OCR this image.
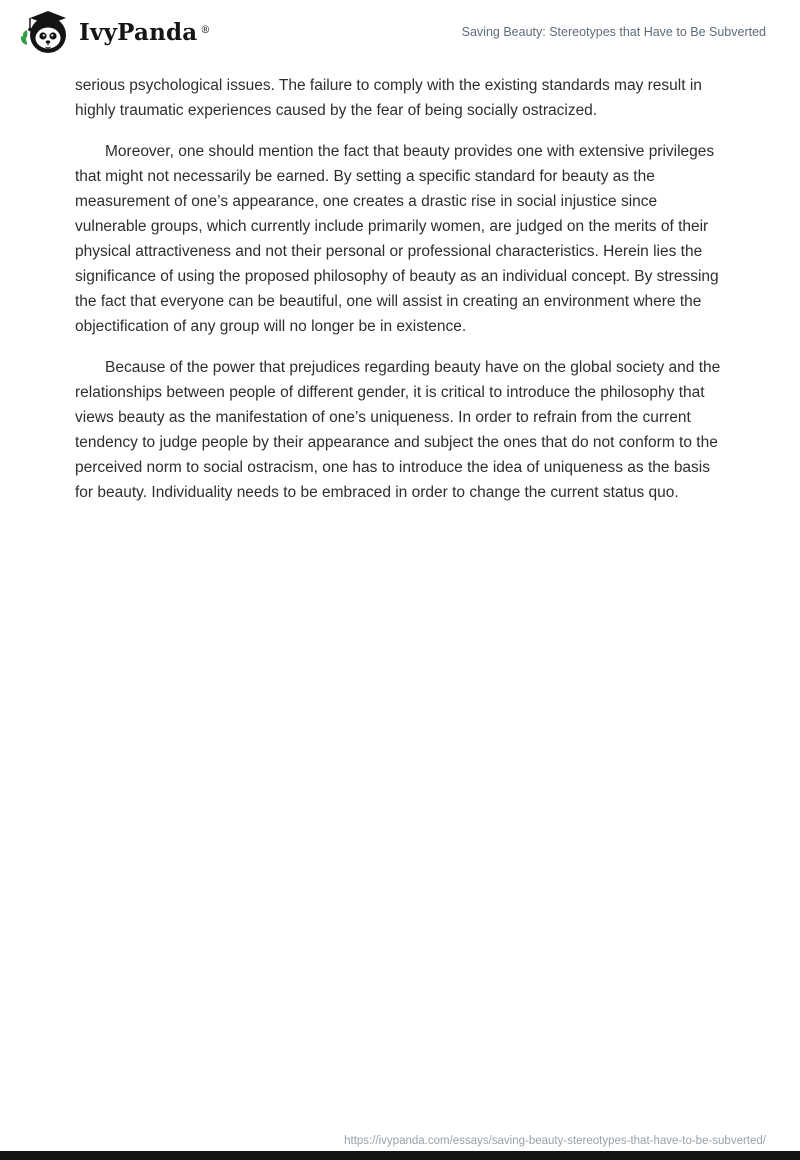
IvyPanda ®	Saving Beauty: Stereotypes that Have to Be Subverted

serious psychological issues. The failure to comply with the existing standards may result in highly traumatic experiences caused by the fear of being socially ostracized.

Moreover, one should mention the fact that beauty provides one with extensive privileges that might not necessarily be earned. By setting a specific standard for beauty as the measurement of one’s appearance, one creates a drastic rise in social injustice since vulnerable groups, which currently include primarily women, are judged on the merits of their physical attractiveness and not their personal or professional characteristics. Herein lies the significance of using the proposed philosophy of beauty as an individual concept. By stressing the fact that everyone can be beautiful, one will assist in creating an environment where the objectification of any group will no longer be in existence.

Because of the power that prejudices regarding beauty have on the global society and the relationships between people of different gender, it is critical to introduce the philosophy that views beauty as the manifestation of one’s uniqueness. In order to refrain from the current tendency to judge people by their appearance and subject the ones that do not conform to the perceived norm to social ostracism, one has to introduce the idea of uniqueness as the basis for beauty. Individuality needs to be embraced in order to change the current status quo.

https://ivypanda.com/essays/saving-beauty-stereotypes-that-have-to-be-subverted/
